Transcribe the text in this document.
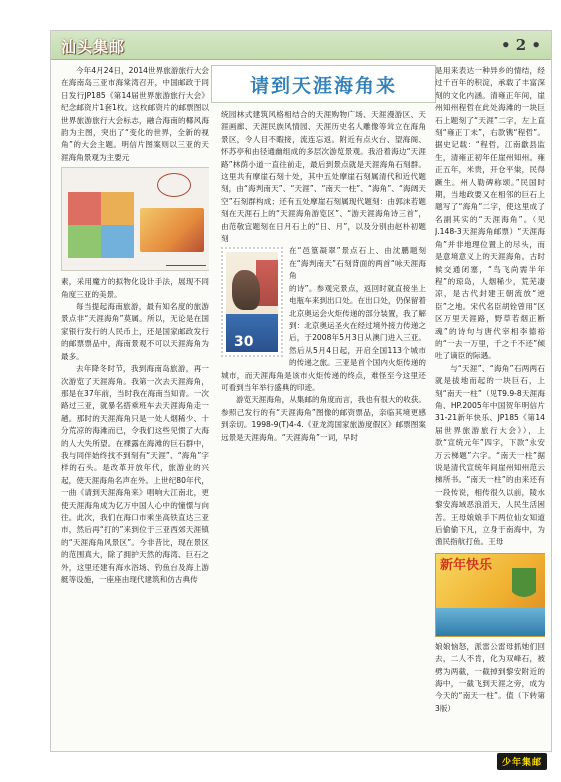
汕头集邮	• 2 •
请到天涯海角来

今年4月24日，2014世界旅游旅行大会在海南岛三亚市海棠湾召开，中国邮政于同日发行JP185《第14届世界旅游旅行大会》纪念邮资片1套1枚。这枚邮资片的邮票图以世界旅游旅行大会标志，融合海南的椰风海韵为主图，突出了“变化的世界，全新的视角”的大会主题。明信片图案则以三亚的天涯海角景观为主要元

素，采用魔方的拟物化设计手法，展现不同角度三亚的美景。

每当提起海南旅游，最有知名度的旅游景点非“天涯海角”莫属。所以，无论是在国家银行发行的人民币上，还是国家邮政发行的邮票票品中，海南景观不可以天涯海角为最多。

去年降冬时节，我到海南岛旅游，再一次游览了天涯海角。我第一次去天涯海角，那是在37年前，当时我在海南当知青。一次路过三亚，就暴名搭乘班车去天涯海角走一趟。那时的天涯海角只是一处人烟稀少、十分荒凉的海滩而已，令我们这些见惯了大海的人大失所望。在裸露在海滩的巨石群中，我与同伴始终找不到刻有“天涯”、“海角”字样的石头。是改革开放年代，旅游业的兴起，使天涯海角名声在外。上世纪80年代，一曲《请到天涯海角来》唱响大江南北，更使天涯海角成为亿万中国人心中的憧憬与向往。此次，我们在海口市乘坐高铁直达三亚市，然后再“打的”来到位于三亚西郊天涯镇的“天涯海角风景区”。今非昔比，现在景区的范围真大，除了拥护天然的海湾、巨石之外，这里还建有海水浴场、钓鱼台及海上游艇等设施，一座座由现代建筑和仿古典传

统园林式建筑风格相结合的天涯购物广场、天涯漫游区、天涯画廊、天涯民族风情园、天涯历史名人雕像等耸立在海角景区，令人目不暇接，流连忘返。附近有点火台、望海阁、怀苏亭和由径通幽组成的多层次游览景观。我沿着海边“天涯路”林荫小道一直往前走，最后到景点就是天涯海角石刻群。这里共有摩崖石刻十处，其中五处摩崖石刻属清代和近代题刻，由“海判南天”、“天涯”、“南天一柱”、“海角”、“海阔天空”石刻群构成；还有五处摩崖石刻属现代题刻：由郭沫若题刻在天涯石上的“天涯海角游览区”、“游天涯海角诗三首”，由范敬宜题刻在日月石上的“日、月”，以及分别由赵朴初题刻

30

在“邑篁凝翠”景点石上、由沈鹏题刻在“海判南天”石刻背面的两首“咏天涯海角

的诗”。参观完景点，返回时就直接坐上电瓶车来到出口处。在出口处，仍保留着北京奥运会火炬传递的部分装置，我了解到：北京奥运圣火在经过境外接力传递之后，于2008年5月3日从澳门进入三亚。然后从5月4日起，开启全国113个城市的传递之旅。三亚是首个国内火炬传递的城市，而天涯海角是该市火炬传递的终点，难怪至今这里还可看到当年举行盛典的印迹。

游览天涯海角，从集邮的角度而言，我也有很大的收获。参照己发行的有“天涯海角”图像的邮资票品，亲临其境更感到亲切。1998-9(T)4-4.《亚龙湾国家旅游度假区》邮票图案远景是天涯海角。“天涯海角”一词，早时

是用来表达一种异乡的情结，经过千百年的积淀，承载了丰富深刻的文化内涵。清雍正年间，崖州知州程哲在此处海滩的一块巨石上题刻了“天涯”二字，左上直刻“雍正丁未”，右款镌“程哲”。据史记载：“程哲，江南歙县监生，清雍正初年任崖州知州。雍正五年，米贵，开仓平粜，民得蹶生。州人勒碑称颂。”民国时期，当地政要又在相邻的巨石上题写了“海角”二字，使这里成了名副其实的“天涯海角”。（见J.148-3天涯海角邮票）“天涯海角”并非地理位置上的尽头，而是意境意义上的天涯海角。古时候交通闭塞，“鸟飞尚需半年程”的琼岛，人烟稀少，荒芜凄凉，是古代封建王朝流放“逆臣”之地。宋代名臣胡铨曾用“区区万里天涯路，野草若烟正断魂”的诗句与唐代宰相李德裕的“一去一万里，千之千不还”倾吐了谪臣的际遇。

与“天涯”、“海角”石两两石就是拔地而起的一块巨石，上刻“南天一柱”（见T9.9-8天涯海角、HP.2005年中国贺年明信片31-21新年快乐、JP185《第14届世界旅游旅行大会》），上款“宣统元年”四字，下款“永安万云梯题”六字。“南天一柱”据说是清代宣统年间崖州知州范云梯所书。“南天一柱”的由来还有一段传说，相传很久以前，陵水黎安海域恶浪滔天，人民生活困苦。王母娘娘手下两位仙女知道后偷偷下凡，立身于南海中，为渔民指航打鱼。王母

新年快乐

娘娘恼怒，派雷公雷母抓她们回去，二人不肯，化为双峰石，被劈为两截，一截掉到黎安附近的海中，一截飞到天涯之旁，成为今天的“南天一柱”。值（下转第3版）

少年集邮
